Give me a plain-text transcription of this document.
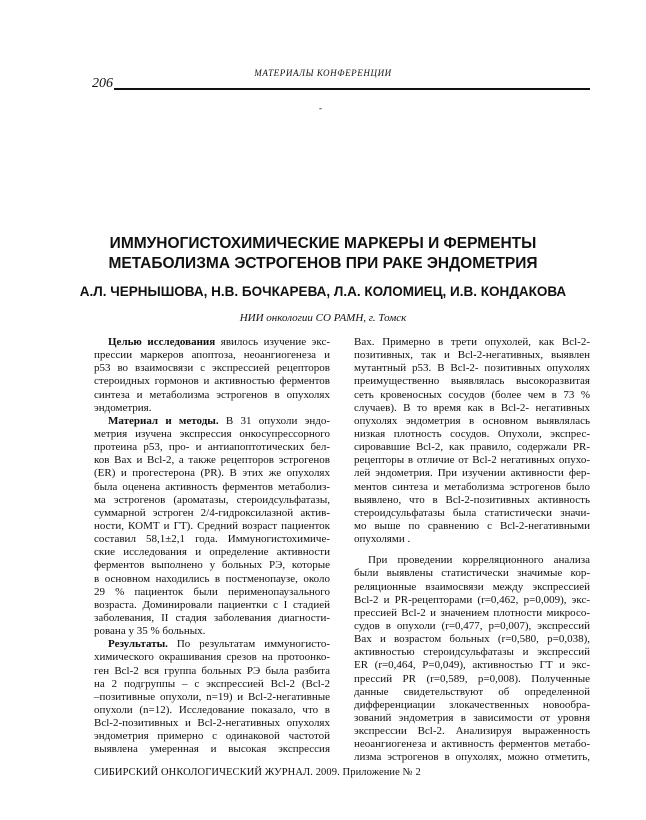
МАТЕРИАЛЫ КОНФЕРЕНЦИИ
206
-
ИММУНОГИСТОХИМИЧЕСКИЕ МАРКЕРЫ И ФЕРМЕНТЫ
МЕТАБОЛИЗМА ЭСТРОГЕНОВ ПРИ РАКЕ ЭНДОМЕТРИЯ
А.Л. ЧЕРНЫШОВА, Н.В. БОЧКАРЕВА, Л.А. КОЛОМИЕЦ, И.В. КОНДАКОВА
НИИ онкологии СО РАМН, г. Томск
Целью исследования явилось изучение экс-
прессии маркеров апоптоза, неоангиогенеза и
p53 во взаимосвязи с экспрессией рецепторов
стероидных гормонов и активностью ферментов
синтеза и метаболизма эстрогенов в опухолях
эндометрия.
Материал и методы. В 31 опухоли эндо-
метрия изучена экспрессия онкосупрессорного
протеина p53, про- и антиапоптотических бел-
ков Bax и Bcl-2, а также рецепторов эстрогенов
(ER) и прогестерона (PR). В этих же опухолях
была оценена активность ферментов метаболиз-
ма эстрогенов (ароматазы, стероидсульфатазы,
суммарной эстроген 2/4-гидроксилазной актив-
ности, КОМТ и ГТ). Средний возраст пациенток
составил 58,1±2,1 года. Иммуногистохимиче-
ские исследования и определение активности
ферментов выполнено у больных РЭ, которые
в основном находились в постменопаузе, около
29 % пациенток были перименопаузального
возраста. Доминировали пациентки с I стадией
заболевания, II стадия заболевания диагности-
рована у 35 % больных.
Результаты. По результатам иммуногисто-
химического окрашивания срезов на протоонко-
ген Bcl-2 вся группа больных РЭ была разбита
на 2 подгруппы – с экспрессией Bcl-2 (Bcl-2
–позитивные опухоли, n=19) и Bcl-2-негативные
опухоли (n=12). Исследование показало, что в
Bcl-2-позитивных и Bcl-2-негативных опухолях
эндометрия примерно с одинаковой частотой
выявлена умеренная и высокая экспрессия
Bax. Примерно в трети опухолей, как Bcl-2-
позитивных, так и Bcl-2-негативных, выявлен
мутантный p53. В Bcl-2- позитивных опухолях
преимущественно выявлялась высокоразвитая
сеть кровеносных сосудов (более чем в 73 %
случаев). В то время как в Bcl-2- негативных
опухолях эндометрия в основном выявлялась
низкая плотность сосудов. Опухоли, экспрес-
сировавшие Bcl-2, как правило, содержали PR-
рецепторы в отличие от Bcl-2 негативных опухо-
лей эндометрия. При изучении активности фер-
ментов синтеза и метаболизма эстрогенов было
выявлено, что в Bcl-2-позитивных активность
стероидсульфатазы была статистически значи-
мо выше по сравнению с Bcl-2-негативными
опухолями .
При проведении корреляционного анализа
были выявлены статистически значимые кор-
реляционные взаимосвязи между экспрессией
Bcl-2 и PR-рецепторами (r=0,462, p=0,009), экс-
прессией Bcl-2 и значением плотности микросо-
судов в опухоли (r=0,477, p=0,007), экспрессий
Bax и возрастом больных (r=0,580, p=0,038),
активностью стероидсульфатазы и экспрессий
ER (r=0,464, P=0,049), активностью ГТ и экс-
прессий PR (r=0,589, p=0,008). Полученные
данные свидетельствуют об определенной
дифференциации злокачественных новообра-
зований эндометрия в зависимости от уровня
экспрессии Bcl-2. Анализируя выраженность
неоангиогенеза и активность ферментов метабо-
лизма эстрогенов в опухолях, можно отметить,
СИБИРСКИЙ ОНКОЛОГИЧЕСКИЙ ЖУРНАЛ. 2009. Приложение № 2
